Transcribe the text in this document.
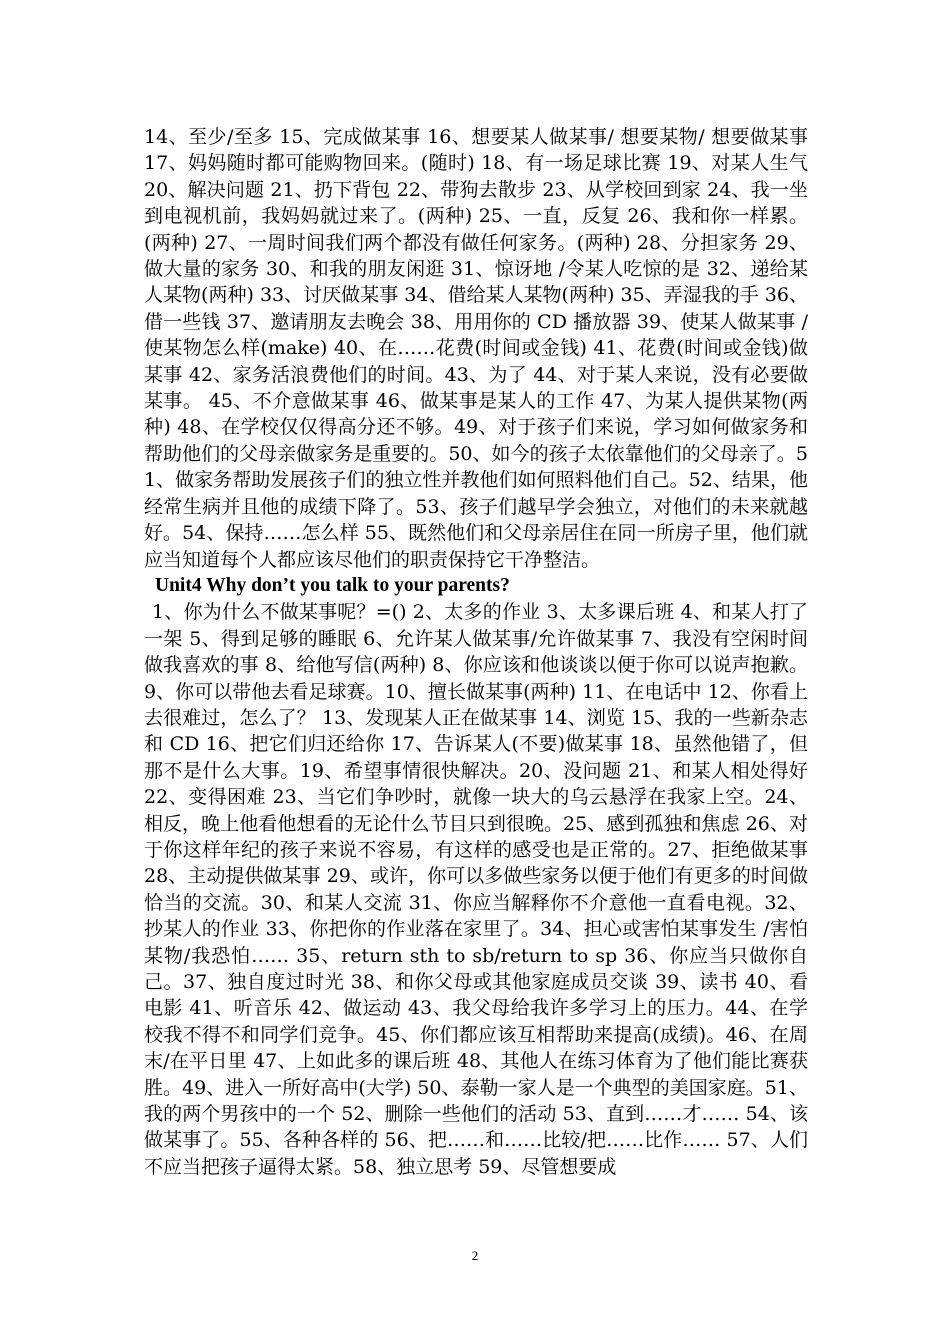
14、至少/至多 15、完成做某事 16、想要某人做某事/ 想要某物/ 想要做某事 17、妈妈随时都可能购物回来。(随时) 18、有一场足球比赛 19、对某人生气 20、解决问题 21、扔下背包 22、带狗去散步 23、从学校回到家 24、我一坐到电视机前，我妈妈就过来了。(两种) 25、一直，反复 26、我和你一样累。(两种) 27、一周时间我们两个都没有做任何家务。(两种) 28、分担家务 29、做大量的家务 30、和我的朋友闲逛 31、惊讶地 /令某人吃惊的是 32、递给某人某物(两种) 33、讨厌做某事 34、借给某人某物(两种) 35、弄湿我的手 36、借一些钱 37、邀请朋友去晚会 38、用用你的 CD 播放器 39、使某人做某事 /使某物怎么样(make) 40、在……花费(时间或金钱) 41、花费(时间或金钱)做某事 42、家务活浪费他们的时间。43、为了 44、对于某人来说，没有必要做某事。 45、不介意做某事 46、做某事是某人的工作 47、为某人提供某物(两种) 48、在学校仅仅得高分还不够。49、对于孩子们来说，学习如何做家务和帮助他们的父母亲做家务是重要的。50、如今的孩子太依靠他们的父母亲了。51、做家务帮助发展孩子们的独立性并教他们如何照料他们自己。52、结果，他经常生病并且他的成绩下降了。53、孩子们越早学会独立，对他们的未来就越好。54、保持……怎么样 55、既然他们和父母亲居住在同一所房子里，他们就应当知道每个人都应该尽他们的职责保持它干净整洁。

Unit4 Why don’t you talk to your parents?

1、你为什么不做某事呢？=() 2、太多的作业 3、太多课后班 4、和某人打了一架 5、得到足够的睡眠 6、允许某人做某事/允许做某事 7、我没有空闲时间做我喜欢的事 8、给他写信(两种) 8、你应该和他谈谈以便于你可以说声抱歉。9、你可以带他去看足球赛。10、擅长做某事(两种) 11、在电话中 12、你看上去很难过，怎么了？ 13、发现某人正在做某事 14、浏览 15、我的一些新杂志和 CD 16、把它们归还给你 17、告诉某人(不要)做某事 18、虽然他错了，但那不是什么大事。19、希望事情很快解决。20、没问题 21、和某人相处得好 22、变得困难 23、当它们争吵时，就像一块大的乌云悬浮在我家上空。24、相反，晚上他看他想看的无论什么节目只到很晚。25、感到孤独和焦虑 26、对于你这样年纪的孩子来说不容易，有这样的感受也是正常的。27、拒绝做某事 28、主动提供做某事 29、或许，你可以多做些家务以便于他们有更多的时间做恰当的交流。30、和某人交流 31、你应当解释你不介意他一直看电视。32、抄某人的作业 33、你把你的作业落在家里了。34、担心或害怕某事发生 /害怕某物/我恐怕…… 35、return sth to sb/return to sp 36、你应当只做你自己。37、独自度过时光 38、和你父母或其他家庭成员交谈 39、读书 40、看电影 41、听音乐 42、做运动 43、我父母给我许多学习上的压力。44、在学校我不得不和同学们竞争。45、你们都应该互相帮助来提高(成绩)。46、在周末/在平日里 47、上如此多的课后班 48、其他人在练习体育为了他们能比赛获胜。49、进入一所好高中(大学) 50、泰勒一家人是一个典型的美国家庭。51、我的两个男孩中的一个 52、删除一些他们的活动 53、直到……才…… 54、该做某事了。55、各种各样的 56、把……和……比较/把……比作…… 57、人们不应当把孩子逼得太紧。58、独立思考 59、尽管想要成

2
